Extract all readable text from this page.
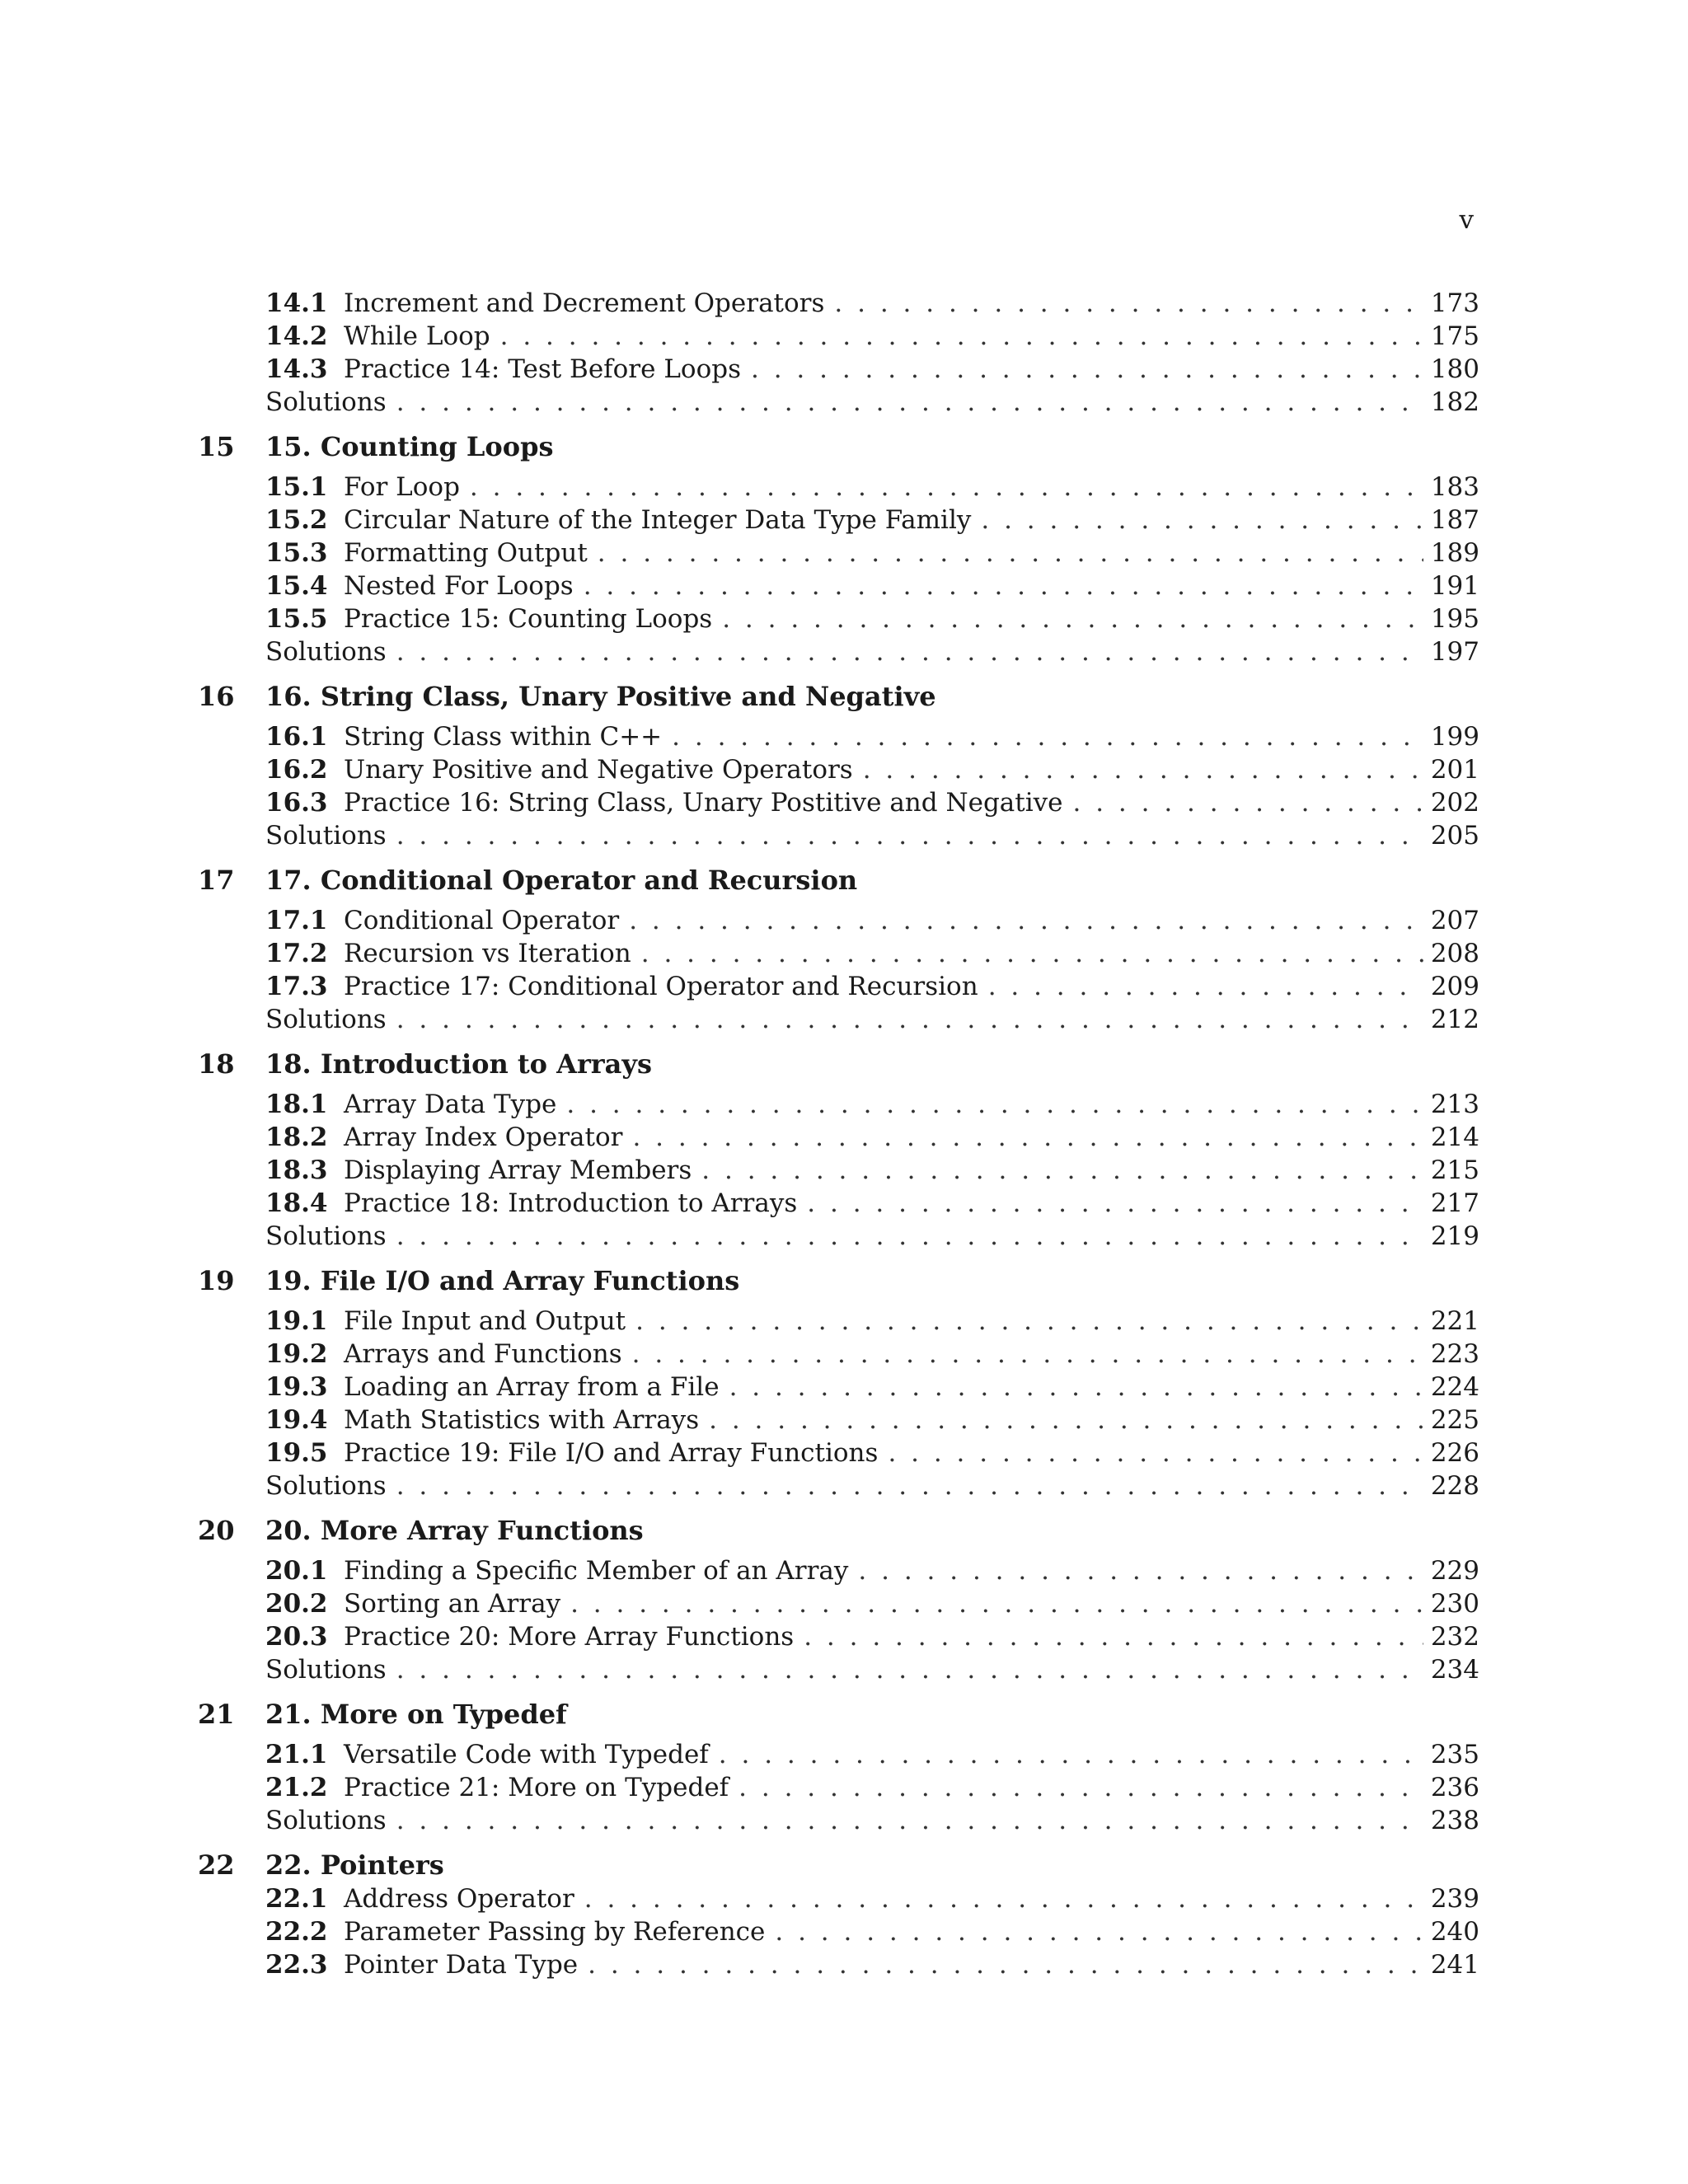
v
14.1 Increment and Decrement Operators . . .	173
14.2 While Loop . . .	175
14.3 Practice 14: Test Before Loops . . .	180
Solutions . . .	182
15	15. Counting Loops
15.1 For Loop . . .	183
15.2 Circular Nature of the Integer Data Type Family . . .	187
15.3 Formatting Output . . .	189
15.4 Nested For Loops . . .	191
15.5 Practice 15: Counting Loops . . .	195
Solutions . . .	197
16	16. String Class, Unary Positive and Negative
16.1 String Class within C++ . . .	199
16.2 Unary Positive and Negative Operators . . .	201
16.3 Practice 16: String Class, Unary Postitive and Negative . . .	202
Solutions . . .	205
17	17. Conditional Operator and Recursion
17.1 Conditional Operator . . .	207
17.2 Recursion vs Iteration . . .	208
17.3 Practice 17: Conditional Operator and Recursion . . .	209
Solutions . . .	212
18	18. Introduction to Arrays
18.1 Array Data Type . . .	213
18.2 Array Index Operator . . .	214
18.3 Displaying Array Members . . .	215
18.4 Practice 18: Introduction to Arrays . . .	217
Solutions . . .	219
19	19. File I/O and Array Functions
19.1 File Input and Output . . .	221
19.2 Arrays and Functions . . .	223
19.3 Loading an Array from a File . . .	224
19.4 Math Statistics with Arrays . . .	225
19.5 Practice 19: File I/O and Array Functions . . .	226
Solutions . . .	228
20	20. More Array Functions
20.1 Finding a Specific Member of an Array . . .	229
20.2 Sorting an Array . . .	230
20.3 Practice 20: More Array Functions . . .	232
Solutions . . .	234
21	21. More on Typedef
21.1 Versatile Code with Typedef . . .	235
21.2 Practice 21: More on Typedef . . .	236
Solutions . . .	238
22	22. Pointers
22.1 Address Operator . . .	239
22.2 Parameter Passing by Reference . . .	240
22.3 Pointer Data Type . . .	241
